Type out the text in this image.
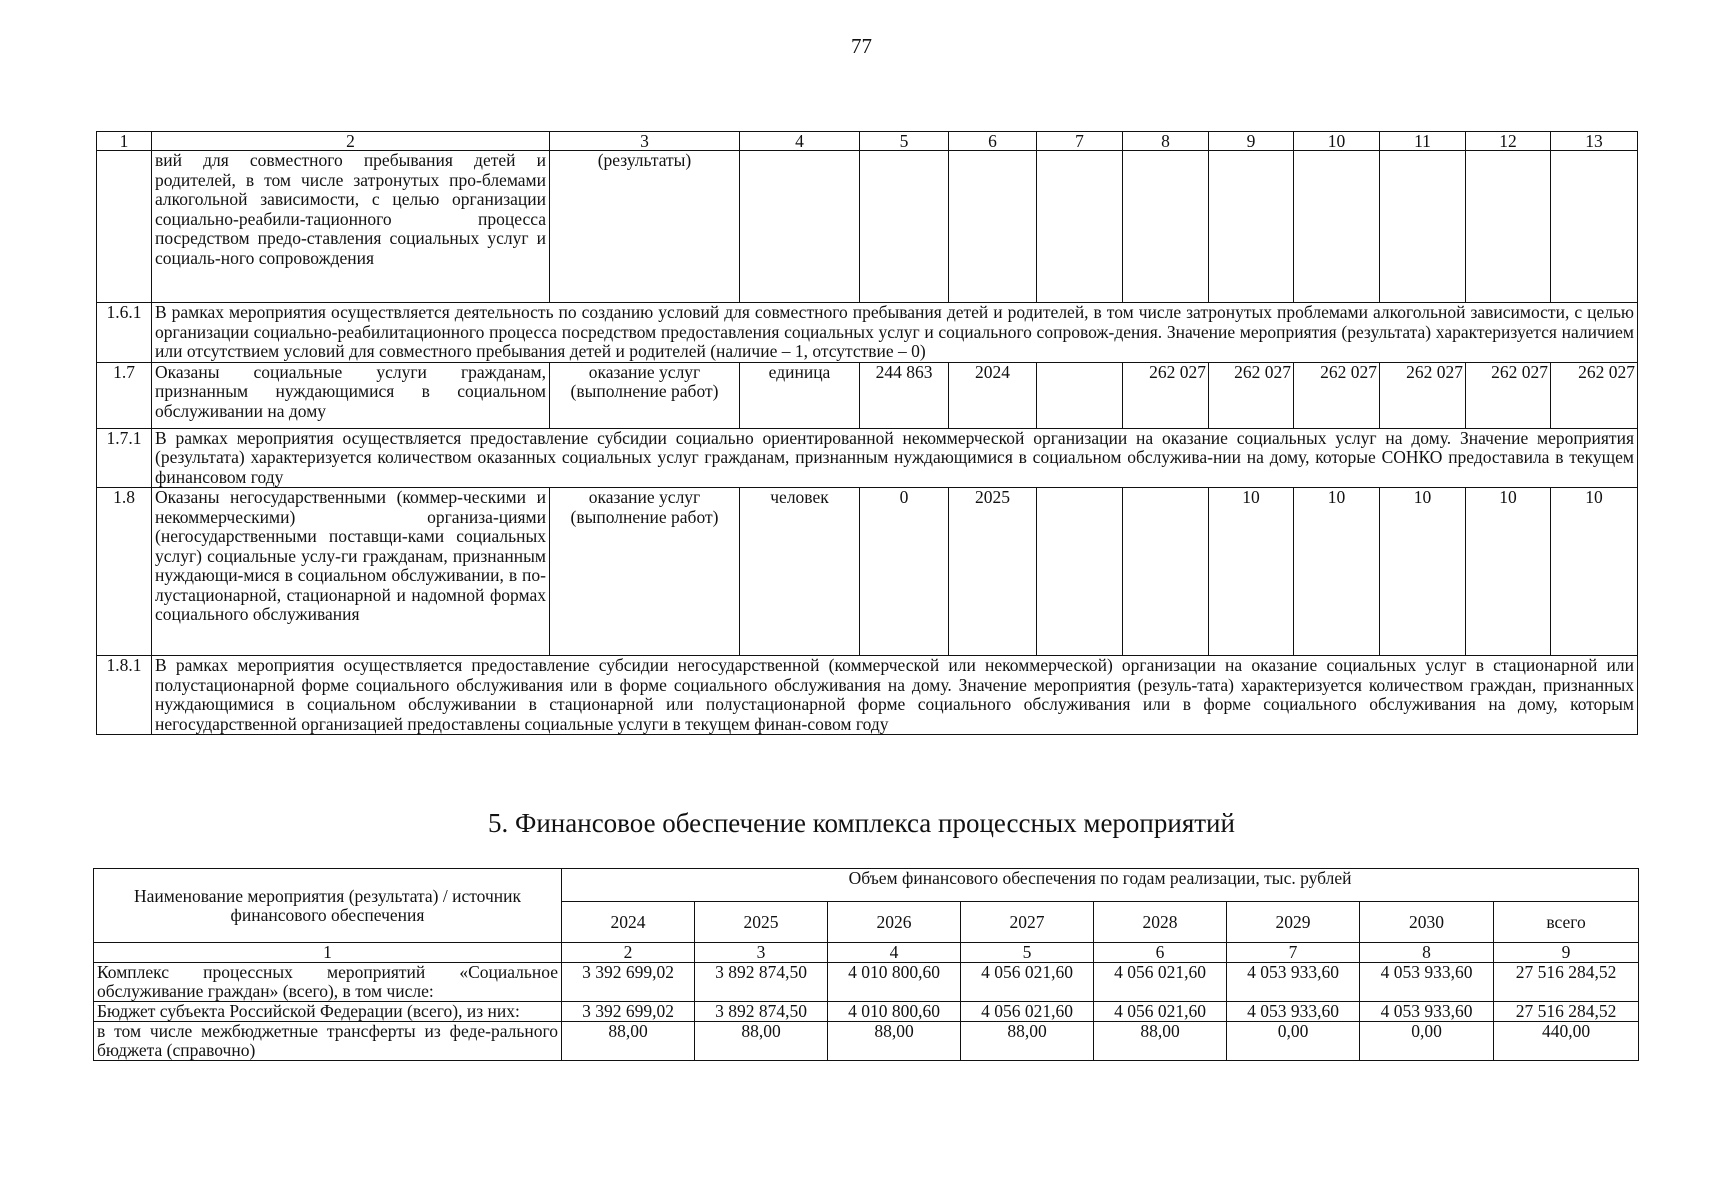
77
1	2	3	4	5	6	7	8	9	10	11	12	13
	вий для совместного пребывания детей и родителей, в том числе затронутых про-блемами алкогольной зависимости, с целью организации социально-реабили-тационного процесса посредством предо-ставления социальных услуг и социаль-ного сопровождения	(результаты)										
1.6.1	В рамках мероприятия осуществляется деятельность по созданию условий для совместного пребывания детей и родителей, в том числе затронутых проблемами алкогольной зависимости, с целью организации социально-реабилитационного процесса посредством предоставления социальных услуг и социального сопровож-дения. Значение мероприятия (результата) характеризуется наличием или отсутствием условий для совместного пребывания детей и родителей (наличие – 1, отсутствие – 0)											
1.7	Оказаны социальные услуги гражданам, признанным нуждающимися в социальном обслуживании на дому	оказание услуг (выполнение работ)	единица	244 863	2024		262 027	262 027	262 027	262 027	262 027	262 027
1.7.1	В рамках мероприятия осуществляется предоставление субсидии социально ориентированной некоммерческой организации на оказание социальных услуг на дому. Значение мероприятия (результата) характеризуется количеством оказанных социальных услуг гражданам, признанным нуждающимися в социальном обслужива-нии на дому, которые СОНКО предоставила в текущем финансовом году											
1.8	Оказаны негосударственными (коммер-ческими и некоммерческими) организа-циями (негосударственными поставщи-ками социальных услуг) социальные услу-ги гражданам, признанным нуждающи-мися в социальном обслуживании, в по-лустационарной, стационарной и надомной формах социального обслуживания	оказание услуг (выполнение работ)	человек	0	2025			10	10	10	10	10
1.8.1	В рамках мероприятия осуществляется предоставление субсидии негосударственной (коммерческой или некоммерческой) организации на оказание социальных услуг в стационарной или полустационарной форме социального обслуживания или в форме социального обслуживания на дому. Значение мероприятия (резуль-тата) характеризуется количеством граждан, признанных нуждающимися в социальном обслуживании в стационарной или полустационарной форме социального обслуживания или в форме социального обслуживания на дому, которым негосударственной организацией предоставлены социальные услуги в текущем финан-совом году											
5. Финансовое обеспечение комплекса процессных мероприятий
Наименование мероприятия (результата) / источник финансового обеспечения	Объем финансового обеспечения по годам реализации, тыс. рублей							
	2024	2025	2026	2027	2028	2029	2030	всего
1	2	3	4	5	6	7	8	9
Комплекс процессных мероприятий «Социальное обслуживание граждан» (всего), в том числе:	3 392 699,02	3 892 874,50	4 010 800,60	4 056 021,60	4 056 021,60	4 053 933,60	4 053 933,60	27 516 284,52
Бюджет субъекта Российской Федерации (всего), из них:	3 392 699,02	3 892 874,50	4 010 800,60	4 056 021,60	4 056 021,60	4 053 933,60	4 053 933,60	27 516 284,52
в том числе межбюджетные трансферты из феде-рального бюджета (справочно)	88,00	88,00	88,00	88,00	88,00	0,00	0,00	440,00
